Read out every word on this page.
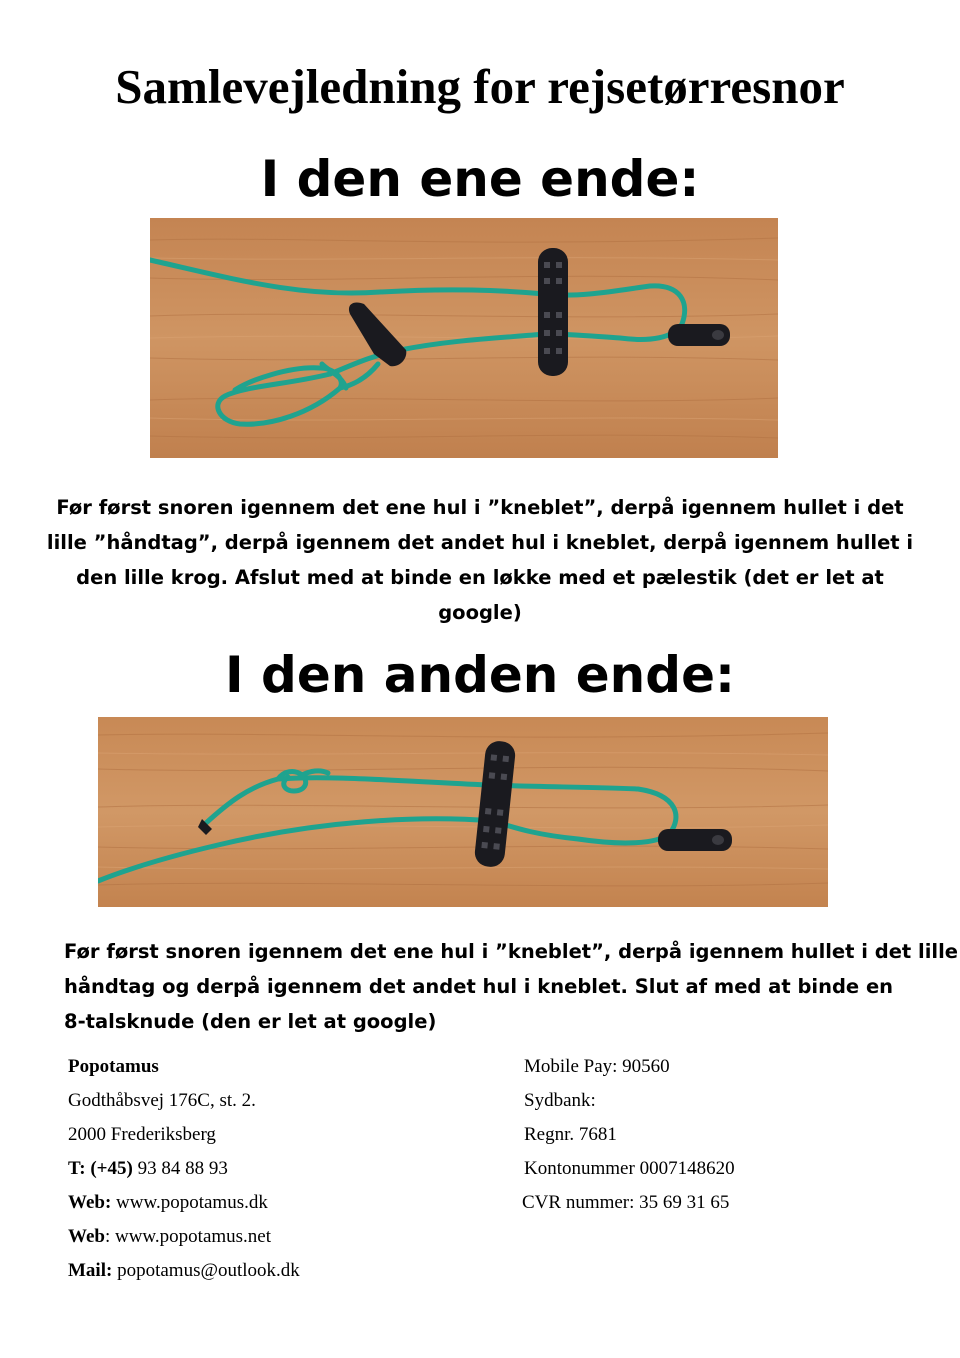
Samlevejledning for rejsetørresnor
I den ene ende:
Før først snoren igennem det ene hul i ”kneblet”, derpå igennem hullet i det lille ”håndtag”, derpå igennem det andet hul i kneblet, derpå igennem hullet i den lille krog. Afslut med at binde en løkke med et pælestik (det er let at google)
I den anden ende:
Før først snoren igennem det ene hul i ”kneblet”, derpå igennem hullet i det lille
håndtag og derpå igennem det andet hul i kneblet. Slut af med at binde en
8-talsknude (den er let at google)
Popotamus
Godthåbsvej 176C, st. 2.
2000 Frederiksberg
T: (+45) 93 84 88 93
Web: www.popotamus.dk
Web: www.popotamus.net
Mail: popotamus@outlook.dk
Mobile Pay: 90560
Sydbank:
Regnr. 7681
Kontonummer 0007148620
CVR nummer: 35 69 31 65
